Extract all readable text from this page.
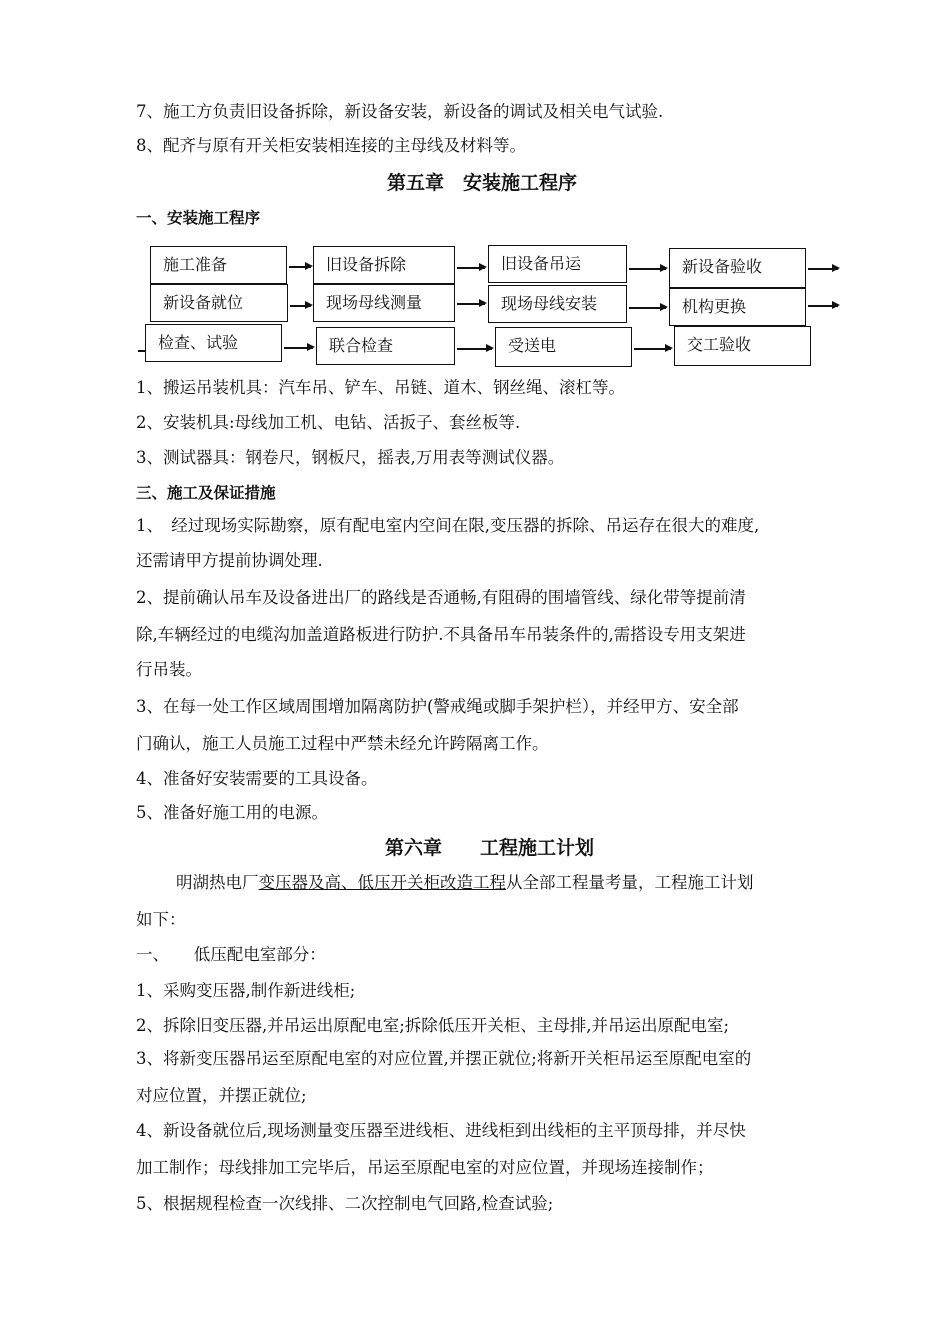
7、施工方负责旧设备拆除，新设备安装，新设备的调试及相关电气试验.
8、配齐与原有开关柜安装相连接的主母线及材料等。
第五章　安装施工程序
一、安装施工程序
施工准备	旧设备拆除	旧设备吊运	新设备验收
新设备就位	现场母线测量	现场母线安装	机构更换
检查、试验	联合检查	受送电	交工验收
1、搬运吊装机具：汽车吊、铲车、吊链、道木、钢丝绳、滚杠等。
2、安装机具:母线加工机、电钻、活扳子、套丝板等.
3、测试器具：钢卷尺，钢板尺，摇表,万用表等测试仪器。
三、施工及保证措施
1、　经过现场实际勘察，原有配电室内空间在限,变压器的拆除、吊运存在很大的难度,
还需请甲方提前协调处理.
2、提前确认吊车及设备进出厂的路线是否通畅,有阻碍的围墙管线、绿化带等提前清
除,车辆经过的电缆沟加盖道路板进行防护.不具备吊车吊装条件的,需搭设专用支架进
行吊装。
3、在每一处工作区域周围增加隔离防护(警戒绳或脚手架护栏），并经甲方、安全部
门确认，施工人员施工过程中严禁未经允许跨隔离工作。
4、准备好安装需要的工具设备。
5、准备好施工用的电源。
第六章　　工程施工计划
明湖热电厂变压器及高、低压开关柜改造工程从全部工程量考量，工程施工计划
如下：
一、　　低压配电室部分：
1、采购变压器,制作新进线柜;
2、拆除旧变压器,并吊运出原配电室;拆除低压开关柜、主母排,并吊运出原配电室;
3、将新变压器吊运至原配电室的对应位置,并摆正就位;将新开关柜吊运至原配电室的
对应位置，并摆正就位;
4、新设备就位后,现场测量变压器至进线柜、进线柜到出线柜的主平顶母排，并尽快
加工制作；母线排加工完毕后，吊运至原配电室的对应位置，并现场连接制作；
5、根据规程检查一次线排、二次控制电气回路,检查试验;
